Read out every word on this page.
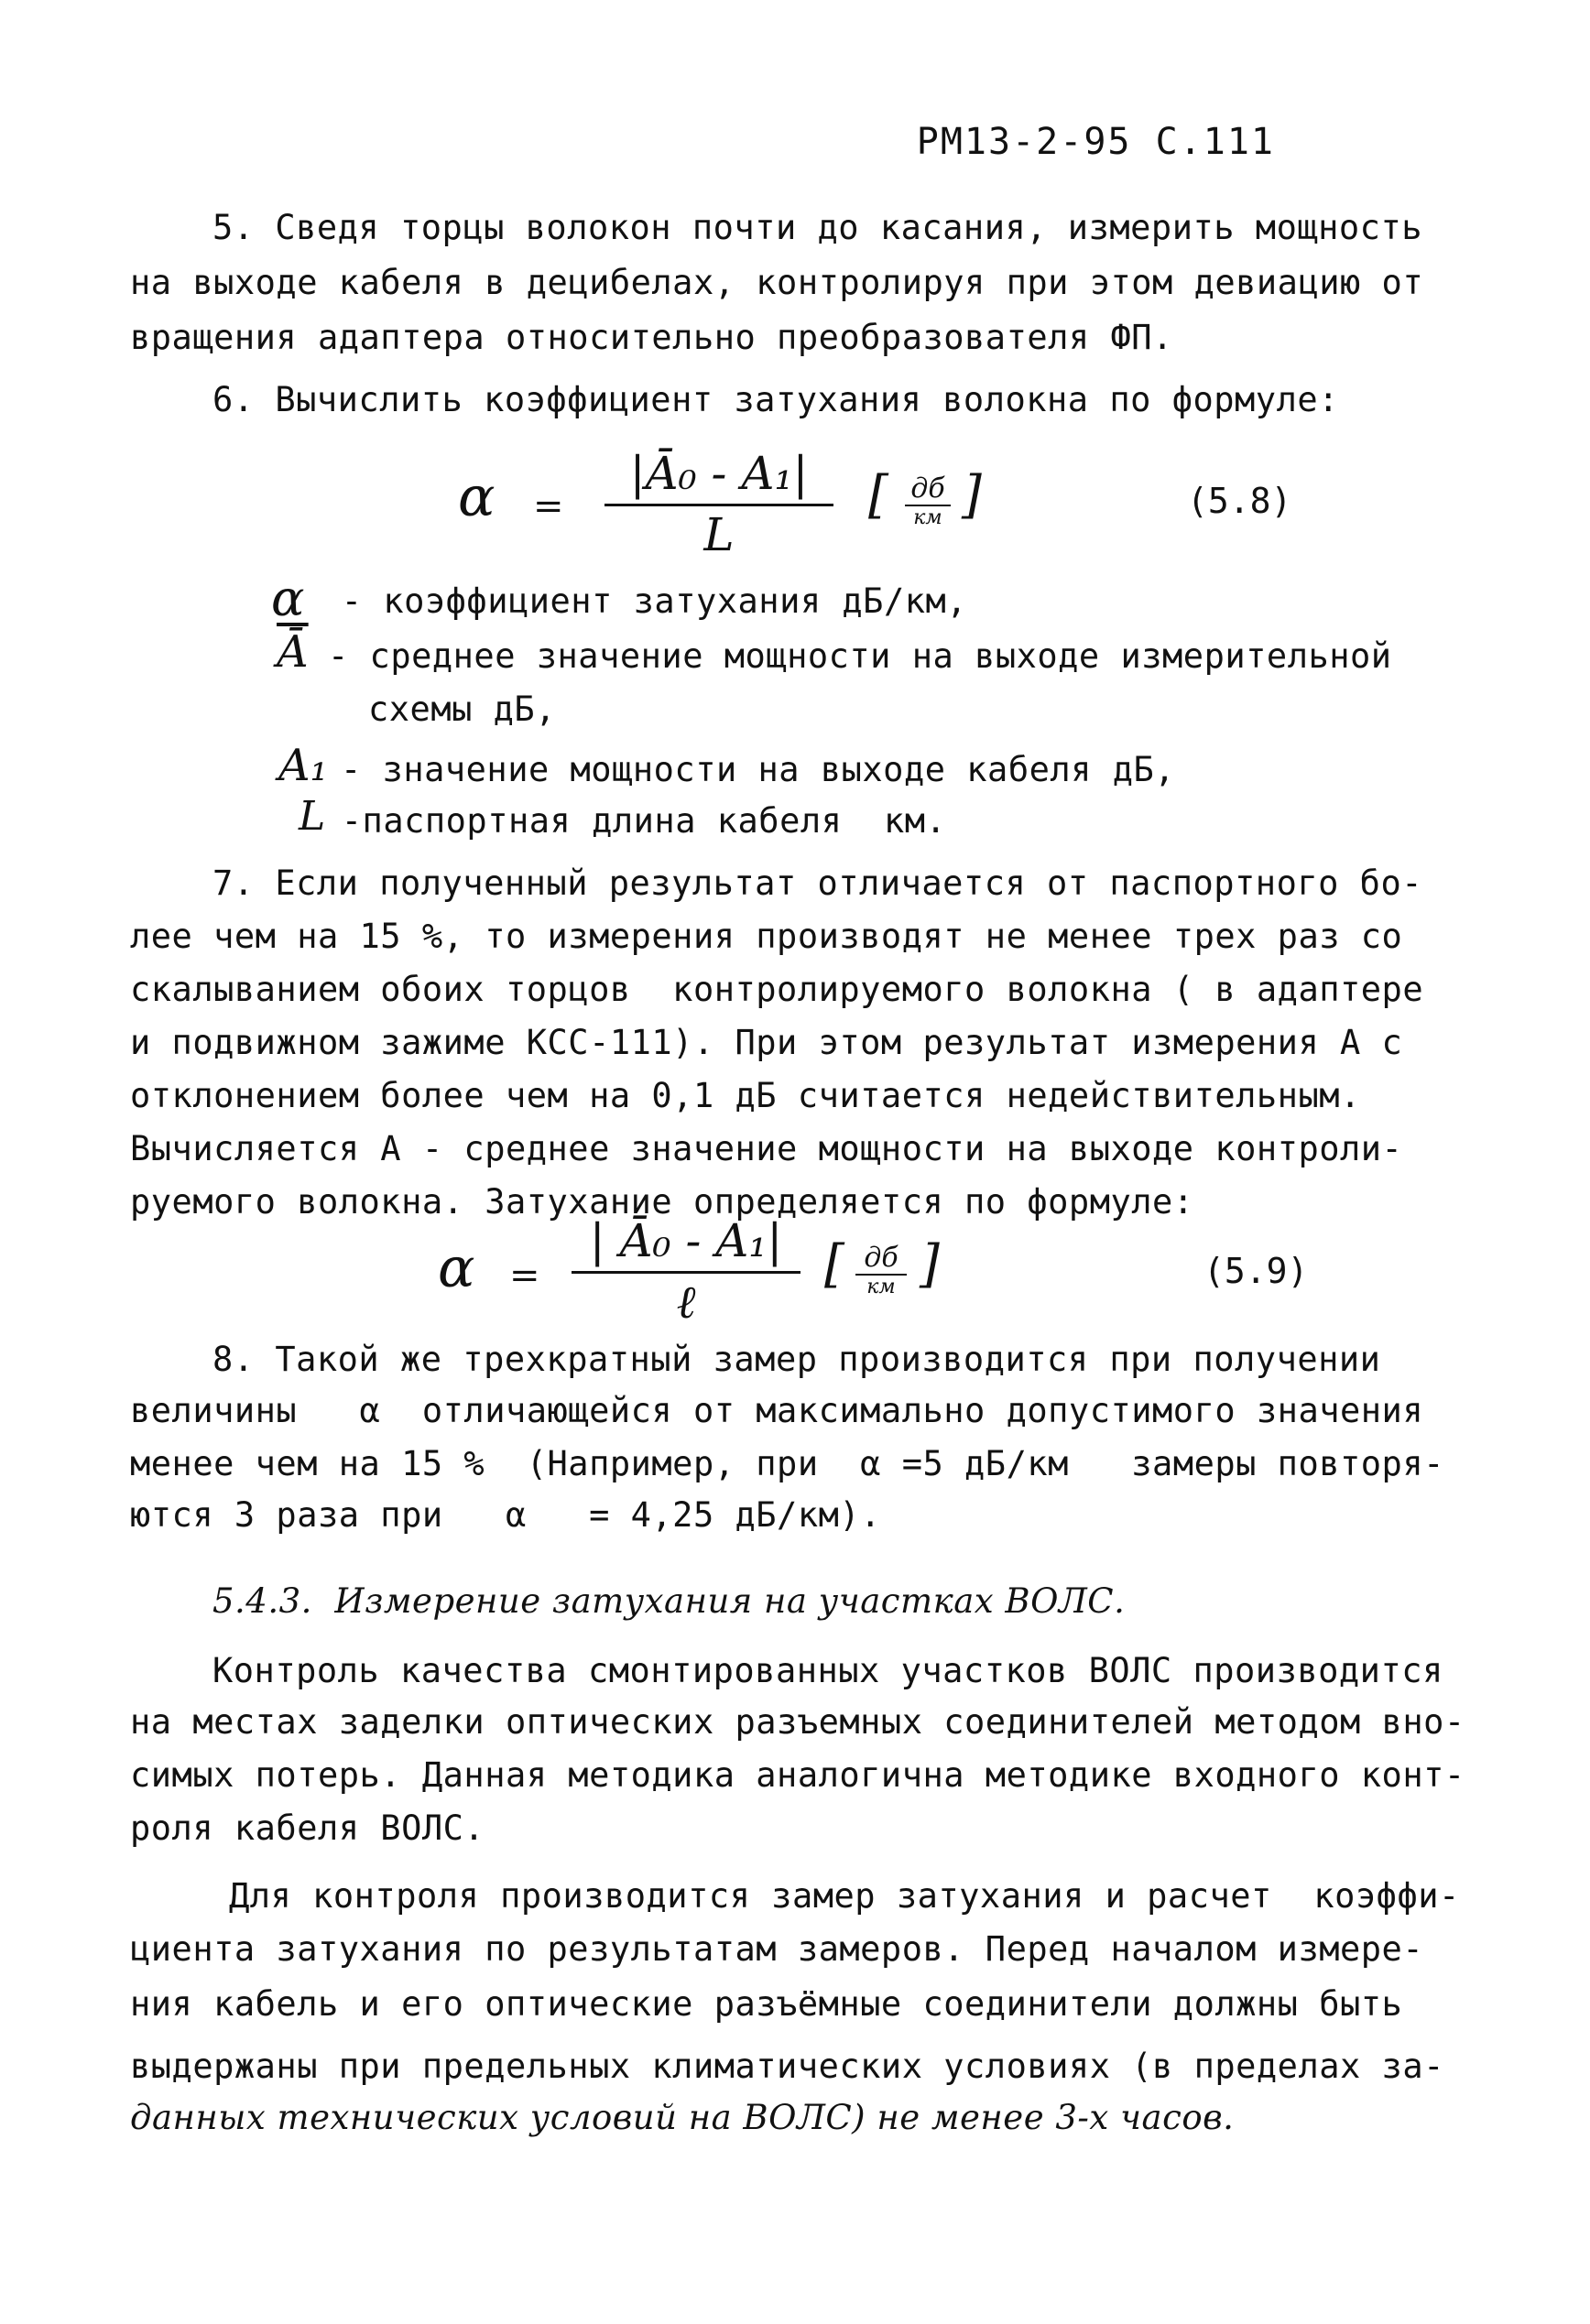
РМ13-2-95 С.111
5. Сведя торцы волокон почти до касания, измерить мощность
на выходе кабеля в децибелах, контролируя при этом девиацию от
вращения адаптера относительно преобразователя ФП.
6. Вычислить коэффициент затухания волокна по формуле:
$\alpha = \frac{\text{|Ā₀ - A₁|}}{L}$ [ дб
км ]	(5.8)
α - коэффициент затухания дБ/км,
$\overline{Ā}$ - среднее значение мощности на выходе измерительной
схемы дБ,
A₁ - значение мощности на выходе кабеля дБ,
L
-паспортная длина кабеля  км.
7. Если полученный результат отличается от паспортного бо-
лее чем на 15 %, то измерения производят не менее трех раз со
скалыванием обоих торцов  контролируемого волокна ( в адаптере
и подвижном зажиме КСС-111). При этом результат измерения А с
отклонением более чем на 0,1 дБ считается недействительным.
Вычисляется А - среднее значение мощности на выходе контроли-
руемого волокна. Затухание определяется по формуле:
α =
| Ā₀ - A₁|
ℓ
[ дб
км ]	(5.9)
8. Такой же трехкратный замер производится при получении
величины   α  отличающейся от максимально допустимого значения
менее чем на 15 %  (Например, при  α =5 дБ/км   замеры повторя-
ются 3 раза при   α   = 4,25 дБ/км).
5.4.3.  Измерение затухания на участках ВОЛС.
Контроль качества смонтированных участков ВОЛС производится
на местах заделки оптических разъемных соединителей методом вно-
симых потерь. Данная методика аналогична методике входного конт-
роля кабеля ВОЛС.
Для контроля производится замер затухания и расчет  коэффи-
циента затухания по результатам замеров. Перед началом измере-
ния кабель и его оптические разъёмные соединители должны быть
выдержаны при предельных климатических условиях (в пределах за-
данных технических условий на ВОЛС) не менее 3-х часов.
